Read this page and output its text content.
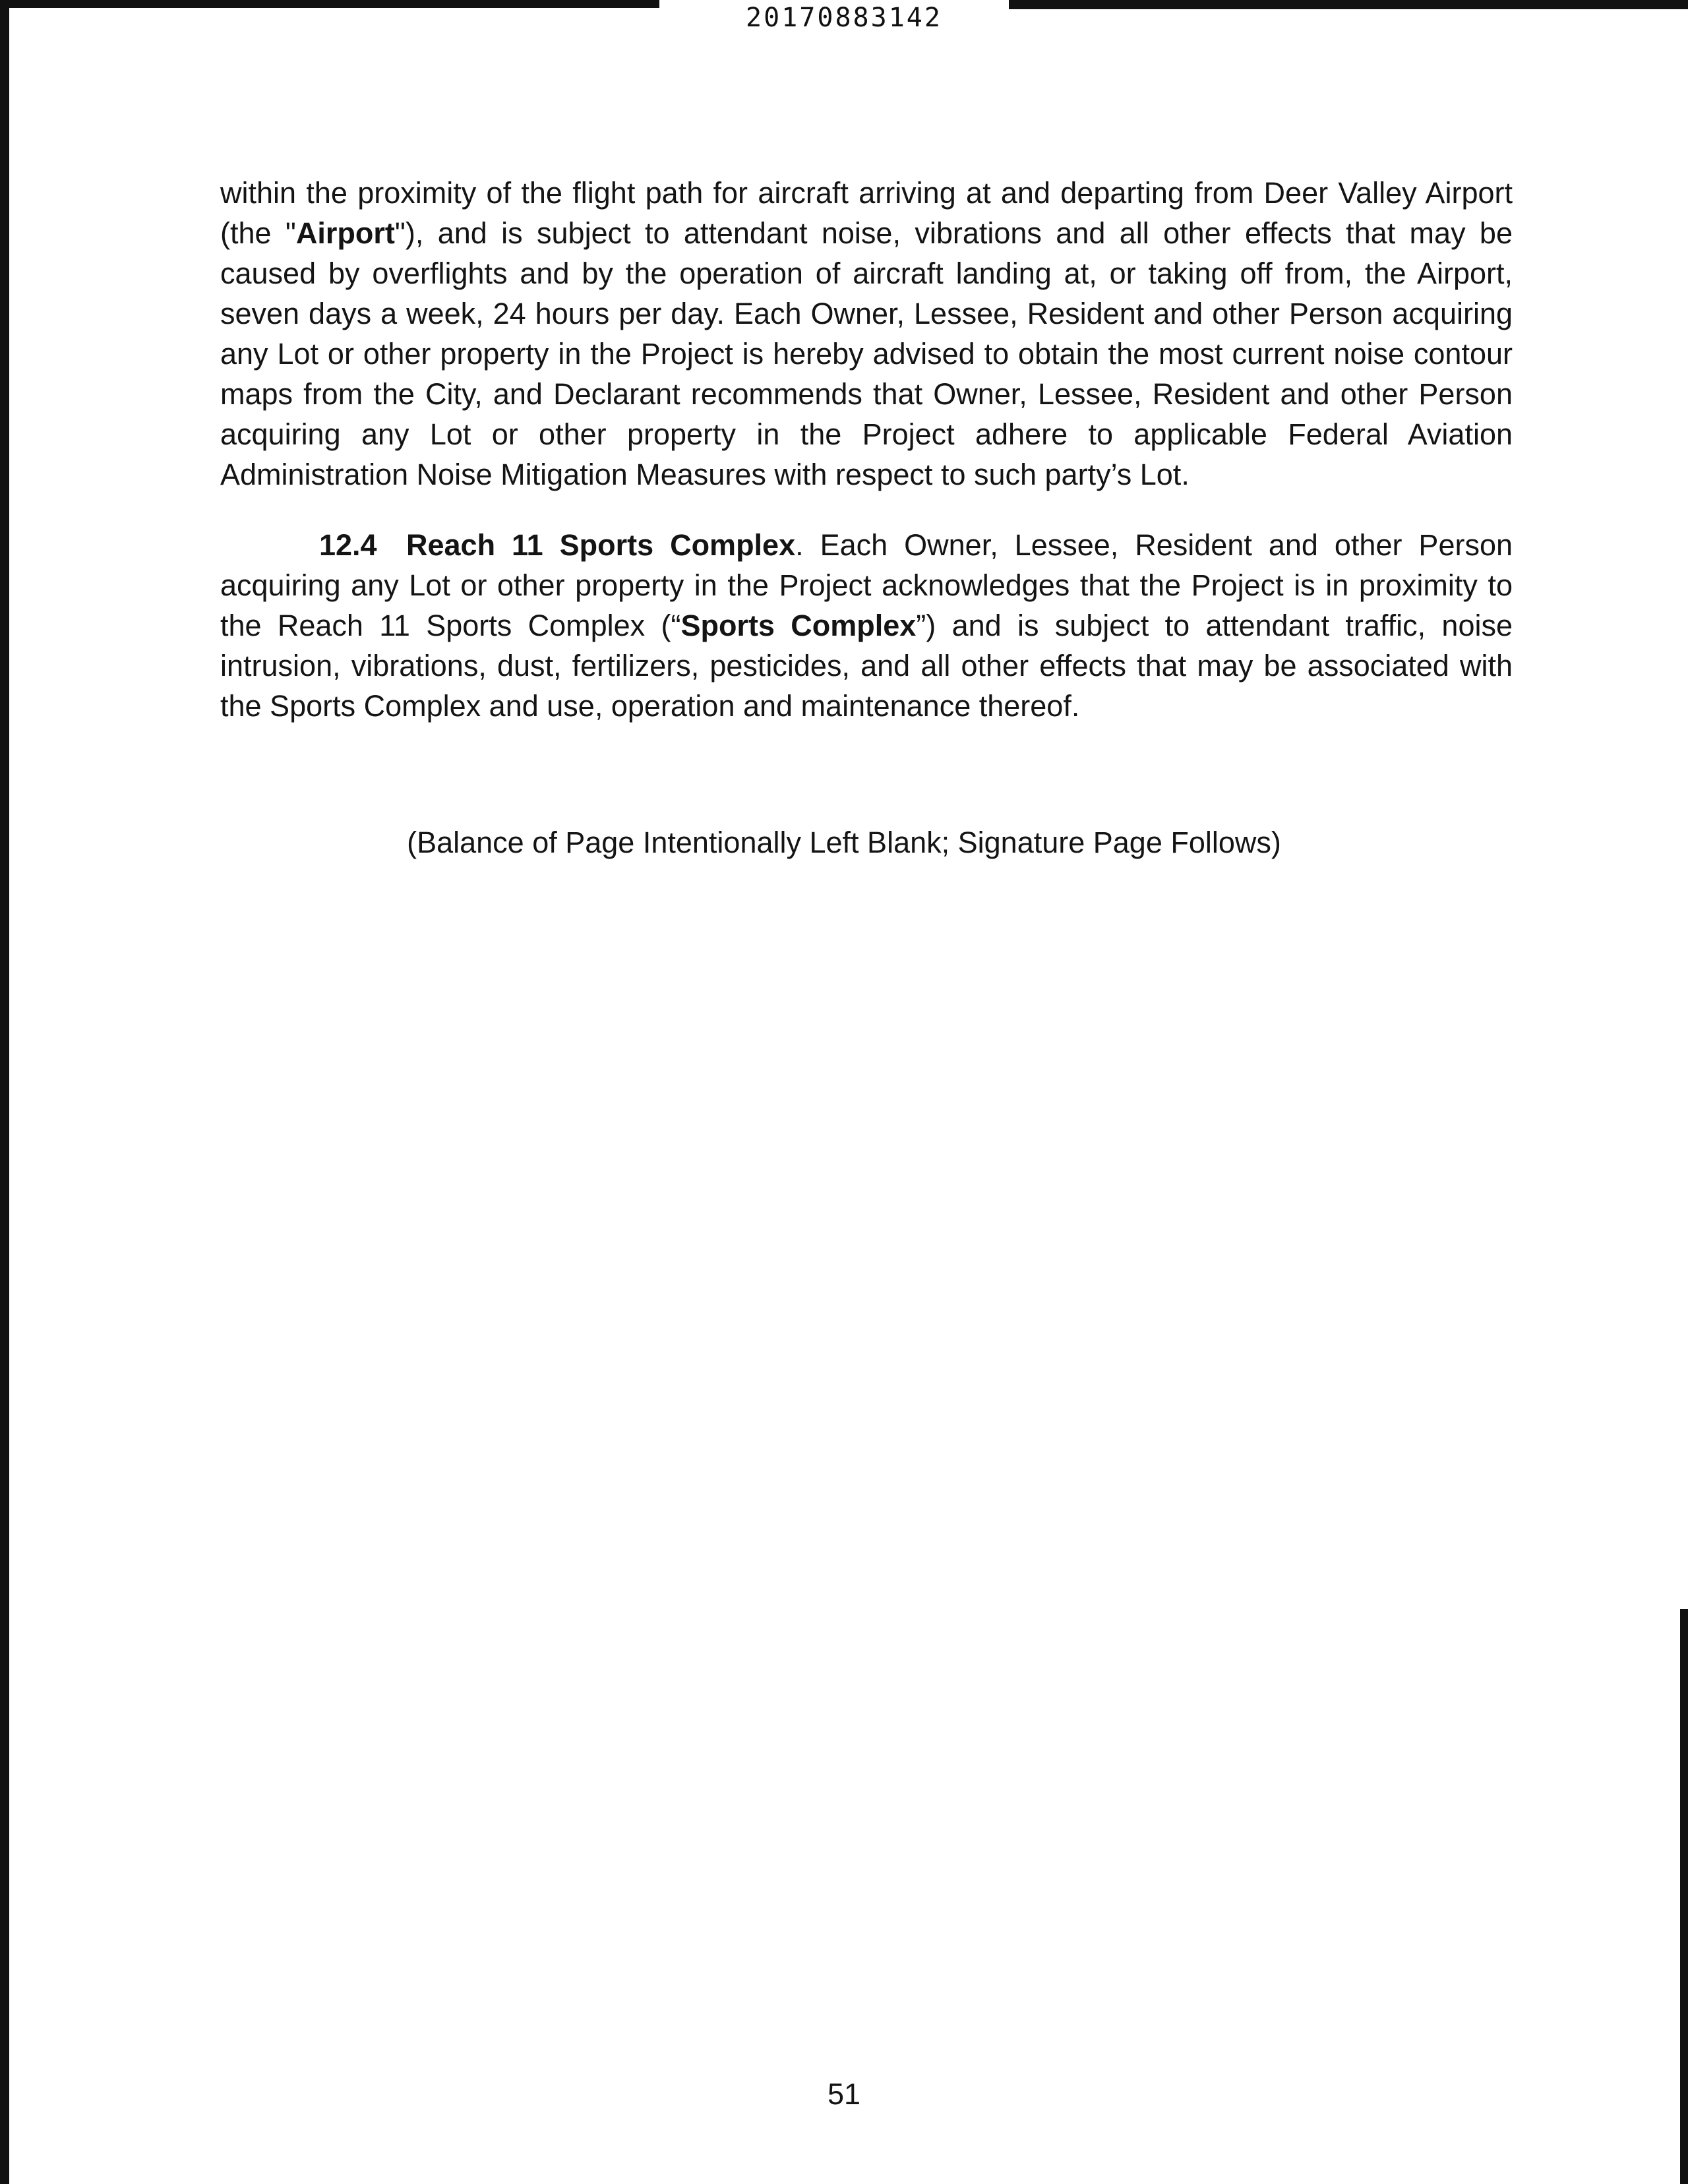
20170883142

within the proximity of the flight path for aircraft arriving at and departing from Deer Valley Airport (the "Airport"), and is subject to attendant noise, vibrations and all other effects that may be caused by overflights and by the operation of aircraft landing at, or taking off from, the Airport, seven days a week, 24 hours per day. Each Owner, Lessee, Resident and other Person acquiring any Lot or other property in the Project is hereby advised to obtain the most current noise contour maps from the City, and Declarant recommends that Owner, Lessee, Resident and other Person acquiring any Lot or other property in the Project adhere to applicable Federal Aviation Administration Noise Mitigation Measures with respect to such party’s Lot.

12.4 Reach 11 Sports Complex. Each Owner, Lessee, Resident and other Person acquiring any Lot or other property in the Project acknowledges that the Project is in proximity to the Reach 11 Sports Complex (“Sports Complex”) and is subject to attendant traffic, noise intrusion, vibrations, dust, fertilizers, pesticides, and all other effects that may be associated with the Sports Complex and use, operation and maintenance thereof.

(Balance of Page Intentionally Left Blank; Signature Page Follows)
51
